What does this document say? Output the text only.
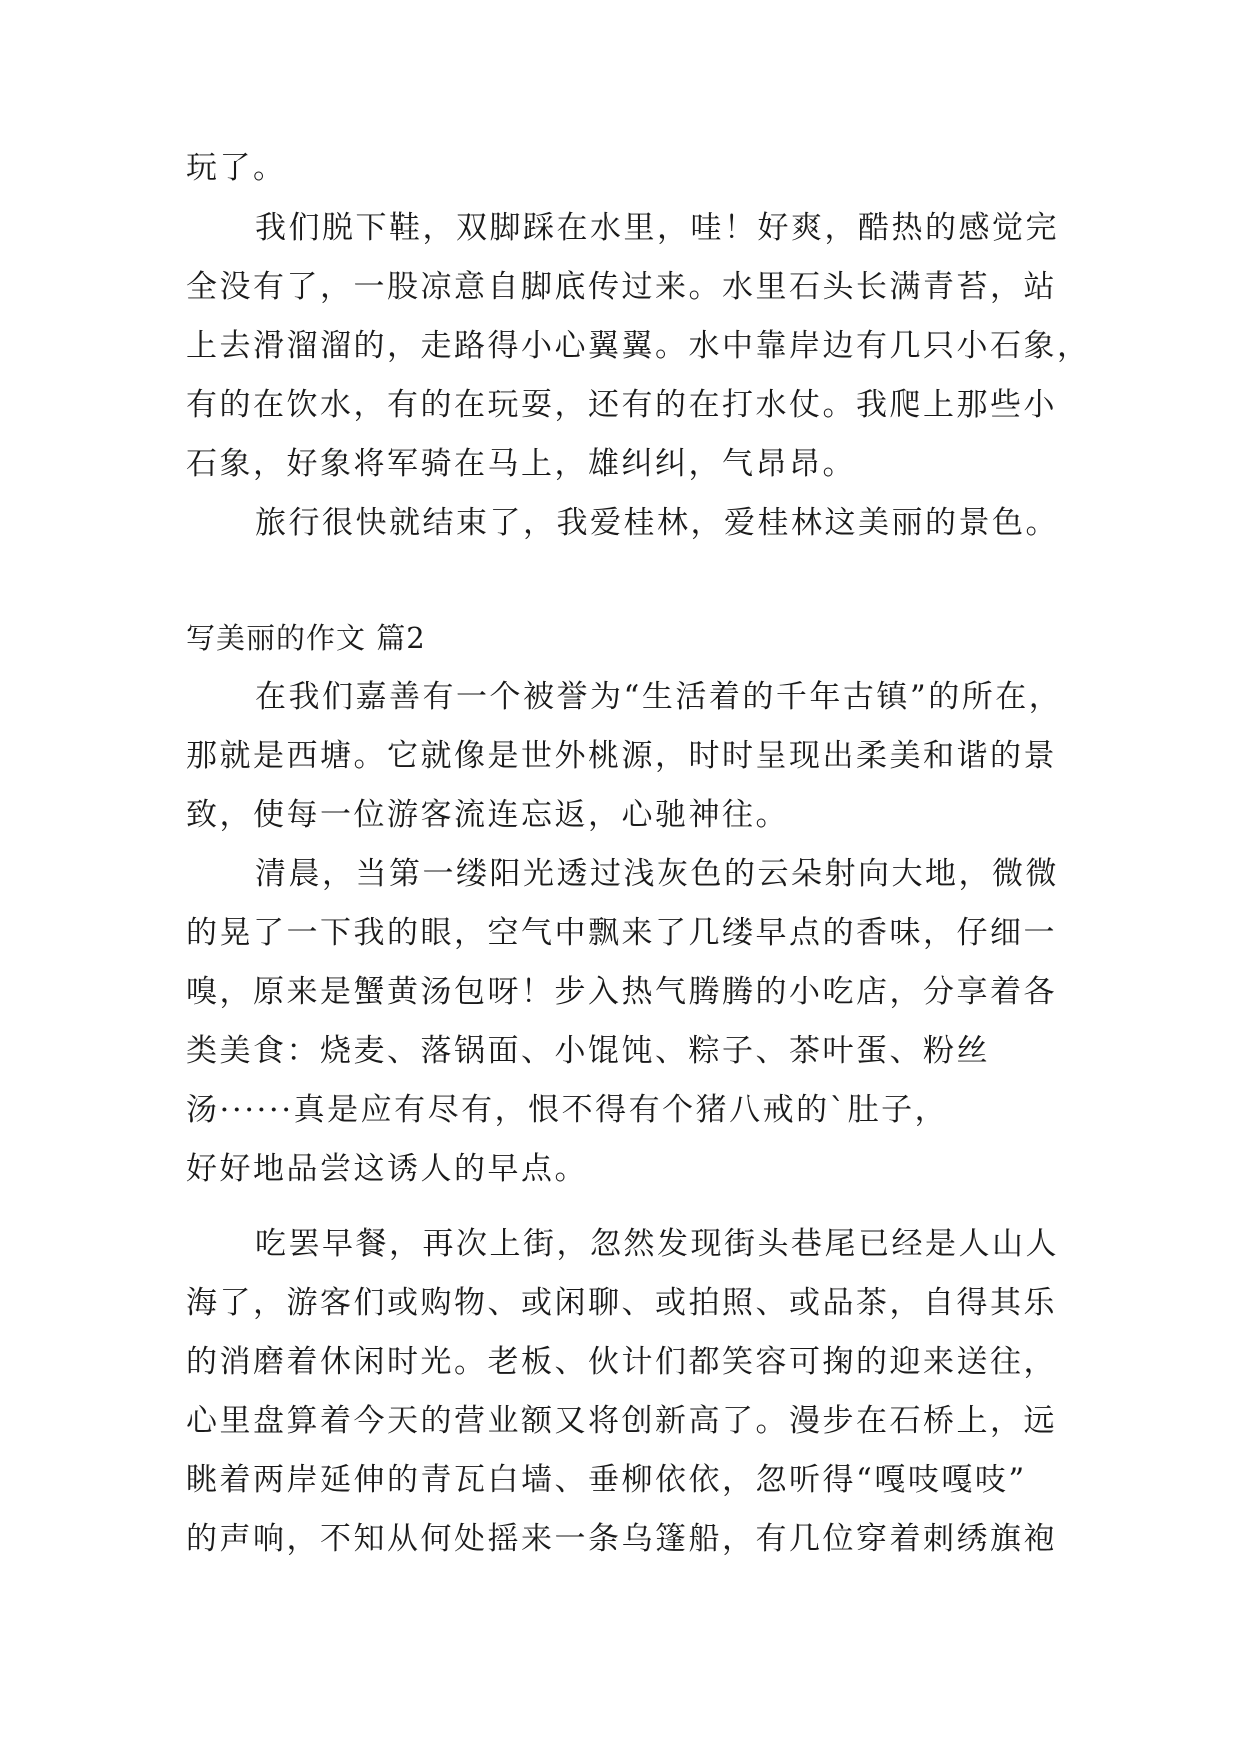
玩了。
我们脱下鞋，双脚踩在水里，哇！好爽，酷热的感觉完
全没有了，一股凉意自脚底传过来。水里石头长满青苔，站
上去滑溜溜的，走路得小心翼翼。水中靠岸边有几只小石象，
有的在饮水，有的在玩耍，还有的在打水仗。我爬上那些小
石象，好象将军骑在马上，雄纠纠，气昂昂。
旅行很快就结束了，我爱桂林，爱桂林这美丽的景色。
写美丽的作文 篇2
在我们嘉善有一个被誉为“生活着的千年古镇”的所在，
那就是西塘。它就像是世外桃源，时时呈现出柔美和谐的景
致，使每一位游客流连忘返，心驰神往。
清晨，当第一缕阳光透过浅灰色的云朵射向大地，微微
的晃了一下我的眼，空气中飘来了几缕早点的香味，仔细一
嗅，原来是蟹黄汤包呀！步入热气腾腾的小吃店，分享着各
类美食：烧麦、落锅面、小馄饨、粽子、茶叶蛋、粉丝
汤······真是应有尽有，恨不得有个猪八戒的`肚子，
好好地品尝这诱人的早点。
吃罢早餐，再次上街，忽然发现街头巷尾已经是人山人
海了，游客们或购物、或闲聊、或拍照、或品茶，自得其乐
的消磨着休闲时光。老板、伙计们都笑容可掬的迎来送往，
心里盘算着今天的营业额又将创新高了。漫步在石桥上，远
眺着两岸延伸的青瓦白墙、垂柳依依，忽听得“嘎吱嘎吱”
的声响，不知从何处摇来一条乌篷船，有几位穿着刺绣旗袍
